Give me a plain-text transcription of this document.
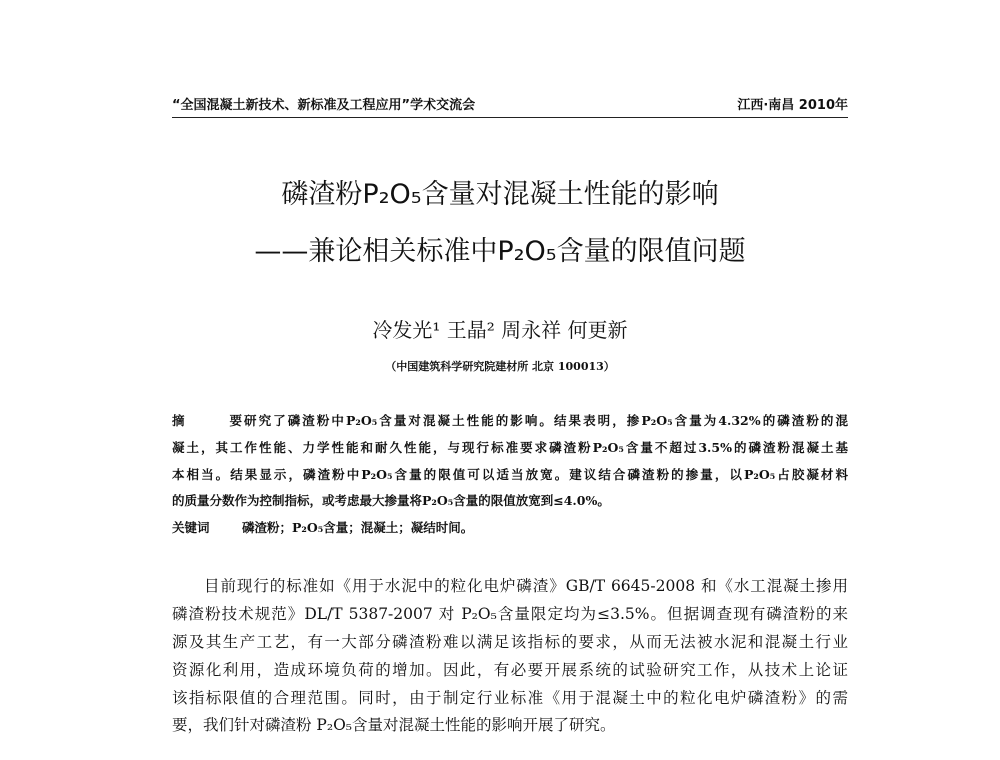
“全国混凝土新技术、新标准及工程应用”学术交流会	江西·南昌 2010年
磷渣粉P₂O₅含量对混凝土性能的影响
——兼论相关标准中P₂O₅含量的限值问题
冷发光¹ 王晶² 周永祥 何更新
（中国建筑科学研究院建材所 北京 100013）
摘 要研究了磷渣粉中P₂O₅含量对混凝土性能的影响。结果表明，掺P₂O₅含量为4.32%的磷渣粉的混
凝土，其工作性能、力学性能和耐久性能，与现行标准要求磷渣粉P₂O₅含量不超过3.5%的磷渣粉混凝土基
本相当。结果显示，磷渣粉中P₂O₅含量的限值可以适当放宽。建议结合磷渣粉的掺量，以P₂O₅占胶凝材料
的质量分数作为控制指标，或考虑最大掺量将P₂O₅含量的限值放宽到≤4.0%。
关键词	磷渣粉；P₂O₅含量；混凝土；凝结时间。
目前现行的标准如《用于水泥中的粒化电炉磷渣》GB/T 6645-2008 和《水工混凝土掺用
磷渣粉技术规范》DL/T 5387-2007 对 P₂O₅含量限定均为≤3.5%。但据调查现有磷渣粉的来
源及其生产工艺，有一大部分磷渣粉难以满足该指标的要求，从而无法被水泥和混凝土行业
资源化利用，造成环境负荷的增加。因此，有必要开展系统的试验研究工作，从技术上论证
该指标限值的合理范围。同时，由于制定行业标准《用于混凝土中的粒化电炉磷渣粉》的需
要，我们针对磷渣粉 P₂O₅含量对混凝土性能的影响开展了研究。
